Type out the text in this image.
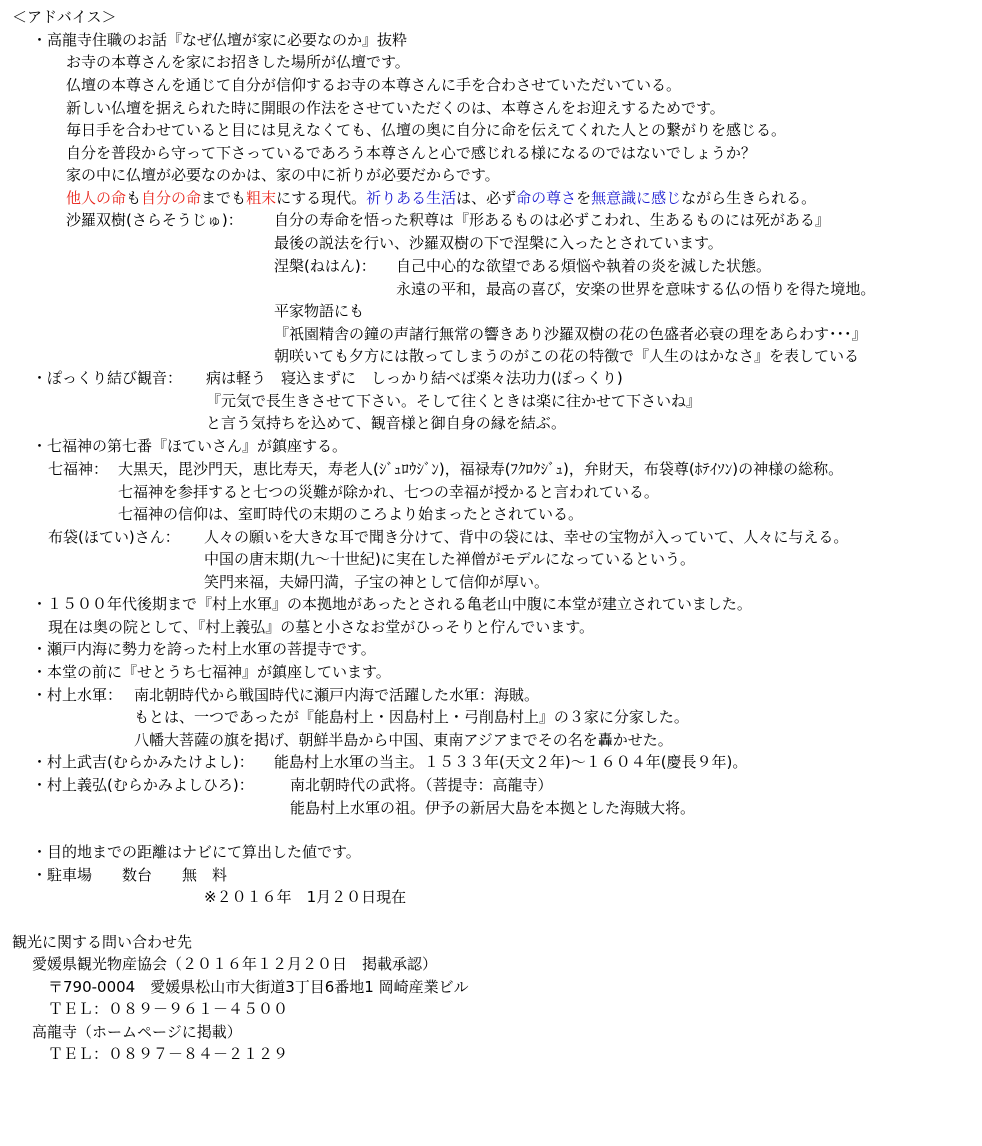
＜アドバイス＞
・高龍寺住職のお話『なぜ仏壇が家に必要なのか』抜粋
お寺の本尊さんを家にお招きした場所が仏壇です。
仏壇の本尊さんを通じて自分が信仰するお寺の本尊さんに手を合わさせていただいている。
新しい仏壇を据えられた時に開眼の作法をさせていただくのは、本尊さんをお迎えするためです。
毎日手を合わせていると目には見えなくても、仏壇の奥に自分に命を伝えてくれた人との繋がりを感じる。
自分を普段から守って下さっているであろう本尊さんと心で感じれる様になるのではないでしょうか？
家の中に仏壇が必要なのかは、家の中に祈りが必要だからです。
他人の命も自分の命までも粗末にする現代。祈りある生活は、必ず命の尊さを無意識に感じながら生きられる。
沙羅双樹(さらそうじゅ)： 自分の寿命を悟った釈尊は『形あるものは必ずこわれ、生あるものには死がある』
最後の説法を行い、沙羅双樹の下で涅槃に入ったとされています。
涅槃(ねはん)： 自己中心的な欲望である煩悩や執着の炎を滅した状態。
永遠の平和，最高の喜び，安楽の世界を意味する仏の悟りを得た境地。
平家物語にも
『祇園精舎の鐘の声諸行無常の響きあり沙羅双樹の花の色盛者必衰の理をあらわす･･･』
朝咲いても夕方には散ってしまうのがこの花の特徴で『人生のはかなさ』を表している
・ぽっくり結び観音： 病は軽う　寝込まずに　しっかり結べば楽々法功力(ぽっくり)
『元気で長生きさせて下さい。そして往くときは楽に往かせて下さいね』
と言う気持ちを込めて、観音様と御自身の縁を結ぶ。
・七福神の第七番『ほていさん』が鎮座する。
七福神： 大黒天，毘沙門天，恵比寿天，寿老人(ｼﾞｭﾛｳｼﾞﾝ)，福禄寿(ﾌｸﾛｸｼﾞｭ)，弁財天，布袋尊(ﾎﾃｲｿﾝ)の神様の総称。
七福神を参拝すると七つの災難が除かれ、七つの幸福が授かると言われている。
七福神の信仰は、室町時代の末期のころより始まったとされている。
布袋(ほてい)さん： 人々の願いを大きな耳で聞き分けて、背中の袋には、幸せの宝物が入っていて、人々に与える。
中国の唐末期(九～十世紀)に実在した禅僧がモデルになっているという。
笑門来福，夫婦円満，子宝の神として信仰が厚い。
・１５００年代後期まで『村上水軍』の本拠地があったとされる亀老山中腹に本堂が建立されていました。
現在は奥の院として、『村上義弘』の墓と小さなお堂がひっそりと佇んでいます。
・瀬戸内海に勢力を誇った村上水軍の菩提寺です。
・本堂の前に『せとうち七福神』が鎮座しています。
・村上水軍： 南北朝時代から戦国時代に瀬戸内海で活躍した水軍：海賊。
もとは、一つであったが『能島村上・因島村上・弓削島村上』の３家に分家した。
八幡大菩薩の旗を掲げ、朝鮮半島から中国、東南アジアまでその名を轟かせた。
・村上武吉(むらかみたけよし)： 能島村上水軍の当主。１５３３年(天文２年)～１６０４年(慶長９年)。
・村上義弘(むらかみよしひろ)： 南北朝時代の武将。（菩提寺：高龍寺）
能島村上水軍の祖。伊予の新居大島を本拠とした海賊大将。
・目的地までの距離はナビにて算出した値です。
・駐車場　　数台　　無　料
※２０１６年　1月２０日現在
観光に関する問い合わせ先
愛媛県観光物産協会（２０１６年１２月２０日　掲載承認）
〒790-0004　愛媛県松山市大街道3丁目6番地1 岡崎産業ビル
ＴＥＬ：０８９－９６１－４５００
高龍寺（ホームページに掲載）
ＴＥＬ：０８９７－８４－２１２９
